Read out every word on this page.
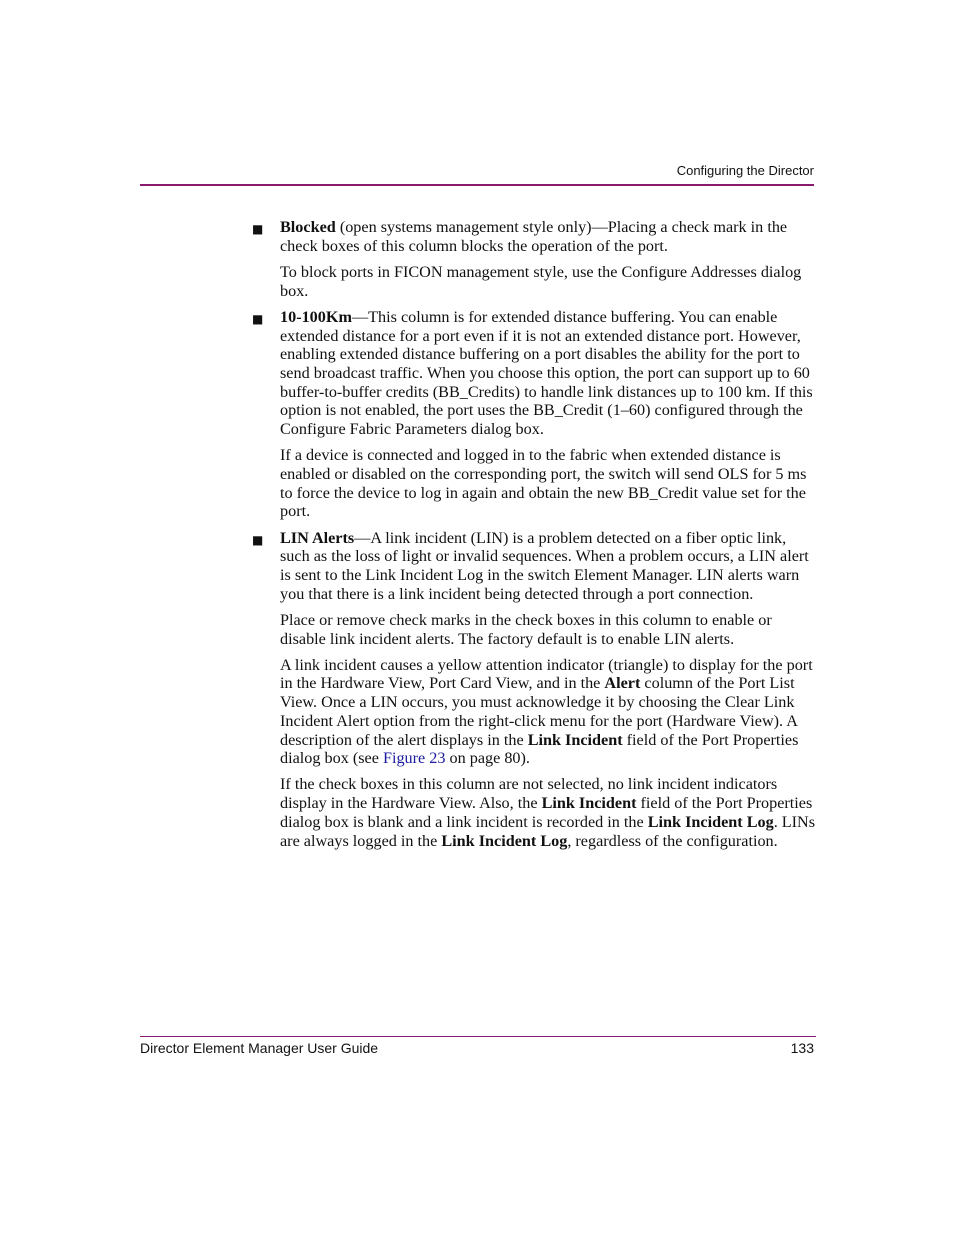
Configuring the Director
■ Blocked (open systems management style only)—Placing a check mark in the check boxes of this column blocks the operation of the port.

To block ports in FICON management style, use the Configure Addresses dialog box.

■ 10-100Km—This column is for extended distance buffering. You can enable extended distance for a port even if it is not an extended distance port. However, enabling extended distance buffering on a port disables the ability for the port to send broadcast traffic. When you choose this option, the port can support up to 60 buffer-to-buffer credits (BB_Credits) to handle link distances up to 100 km. If this option is not enabled, the port uses the BB_Credit (1–60) configured through the Configure Fabric Parameters dialog box.

If a device is connected and logged in to the fabric when extended distance is enabled or disabled on the corresponding port, the switch will send OLS for 5 ms to force the device to log in again and obtain the new BB_Credit value set for the port.

■ LIN Alerts—A link incident (LIN) is a problem detected on a fiber optic link, such as the loss of light or invalid sequences. When a problem occurs, a LIN alert is sent to the Link Incident Log in the switch Element Manager. LIN alerts warn you that there is a link incident being detected through a port connection.

Place or remove check marks in the check boxes in this column to enable or disable link incident alerts. The factory default is to enable LIN alerts.

A link incident causes a yellow attention indicator (triangle) to display for the port in the Hardware View, Port Card View, and in the Alert column of the Port List View. Once a LIN occurs, you must acknowledge it by choosing the Clear Link Incident Alert option from the right-click menu for the port (Hardware View). A description of the alert displays in the Link Incident field of the Port Properties dialog box (see Figure 23 on page 80).

If the check boxes in this column are not selected, no link incident indicators display in the Hardware View. Also, the Link Incident field of the Port Properties dialog box is blank and a link incident is recorded in the Link Incident Log. LINs are always logged in the Link Incident Log, regardless of the configuration.

Director Element Manager User Guide	133
